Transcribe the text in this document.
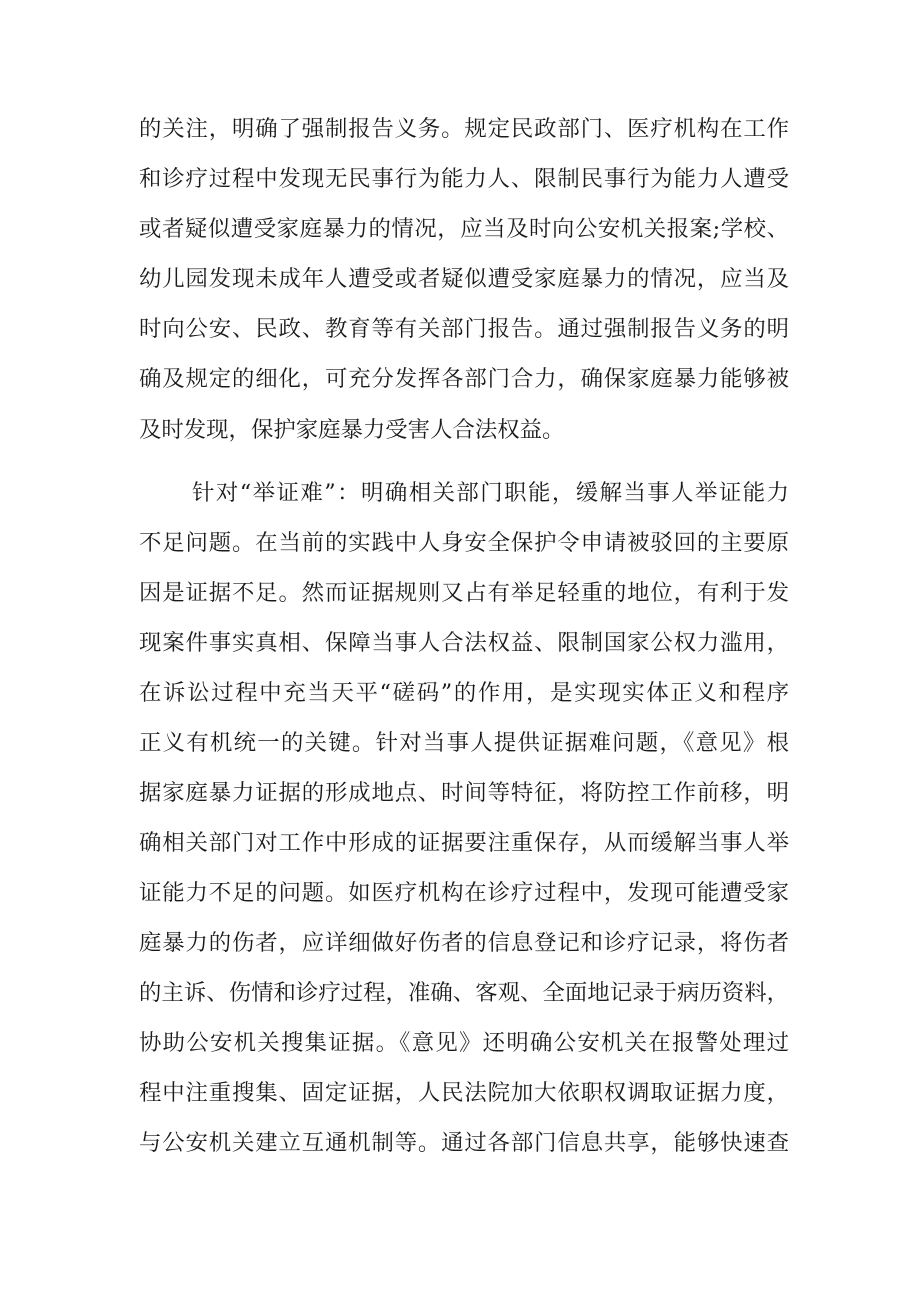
的关注，明确了强制报告义务。规定民政部门、医疗机构在工作
和诊疗过程中发现无民事行为能力人、限制民事行为能力人遭受
或者疑似遭受家庭暴力的情况，应当及时向公安机关报案;学校、
幼儿园发现未成年人遭受或者疑似遭受家庭暴力的情况，应当及
时向公安、民政、教育等有关部门报告。通过强制报告义务的明
确及规定的细化，可充分发挥各部门合力，确保家庭暴力能够被
及时发现，保护家庭暴力受害人合法权益。
针对“举证难”：明确相关部门职能，缓解当事人举证能力
不足问题。在当前的实践中人身安全保护令申请被驳回的主要原
因是证据不足。然而证据规则又占有举足轻重的地位，有利于发
现案件事实真相、保障当事人合法权益、限制国家公权力滥用，
在诉讼过程中充当天平“磋码”的作用，是实现实体正义和程序
正义有机统一的关键。针对当事人提供证据难问题，《意见》根
据家庭暴力证据的形成地点、时间等特征，将防控工作前移，明
确相关部门对工作中形成的证据要注重保存，从而缓解当事人举
证能力不足的问题。如医疗机构在诊疗过程中，发现可能遭受家
庭暴力的伤者，应详细做好伤者的信息登记和诊疗记录，将伤者
的主诉、伤情和诊疗过程，准确、客观、全面地记录于病历资料，
协助公安机关搜集证据。《意见》还明确公安机关在报警处理过
程中注重搜集、固定证据，人民法院加大依职权调取证据力度，
与公安机关建立互通机制等。通过各部门信息共享，能够快速查
